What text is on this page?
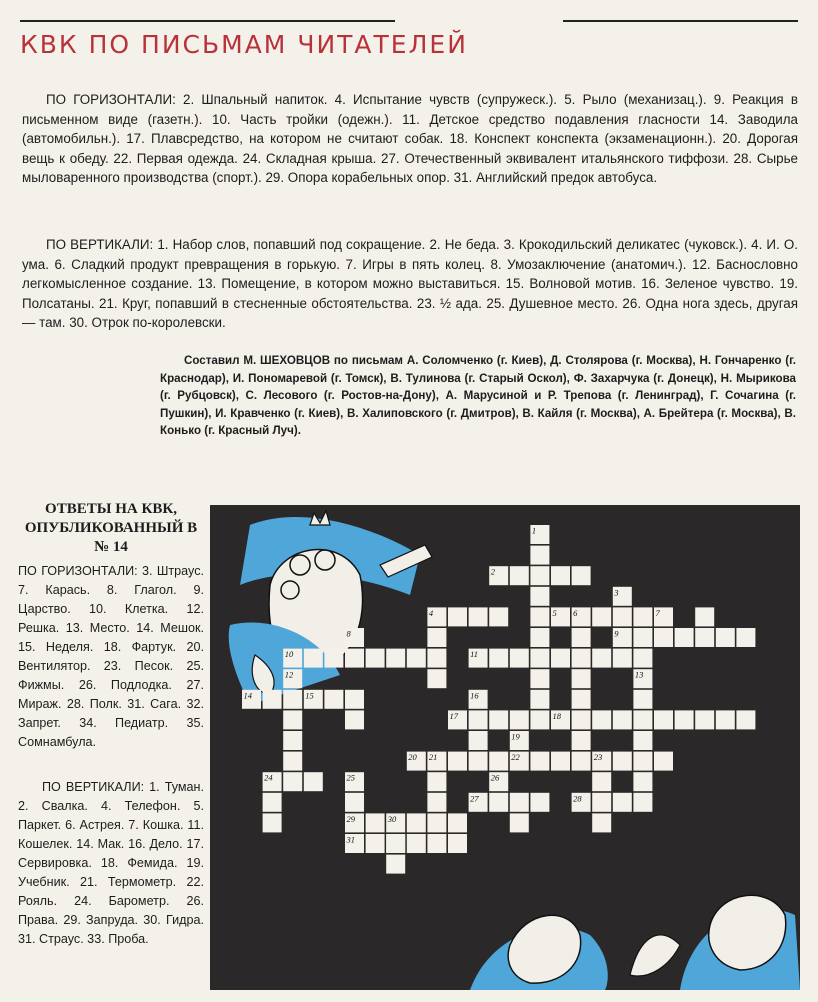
КВК ПО ПИСЬМАМ ЧИТАТЕЛЕЙ

ПО ГОРИЗОНТАЛИ: 2. Шпальный напиток. 4. Испытание чувств (супружеск.). 5. Рыло (механизац.). 9. Реакция в письменном виде (газетн.). 10. Часть тройки (одежн.). 11. Детское средство подавления гласности 14. Заводила (автомобильн.). 17. Плавсредство, на котором не считают собак. 18. Конспект конспекта (экзаменационн.). 20. Дорогая вещь к обеду. 22. Первая одежда. 24. Складная крыша. 27. Отечественный эквивалент итальянского тиффози. 28. Сырье мыловаренного производства (спорт.). 29. Опора корабельных опор. 31. Английский предок автобуса.

ПО ВЕРТИКАЛИ: 1. Набор слов, попавший под сокращение. 2. Не беда. 3. Крокодильский деликатес (чуковск.). 4. И. О. ума. 6. Сладкий продукт превращения в горькую. 7. Игры в пять колец. 8. Умозаключение (анатомич.). 12. Баснословно легкомысленное создание. 13. Помещение, в котором можно выставиться. 15. Волновой мотив. 16. Зеленое чувство. 19. Полсатаны. 21. Круг, попавший в стесненные обстоятельства. 23. ½ ада. 25. Душевное место. 26. Одна нога здесь, другая — там. 30. Отрок по-королевски.

Составил М. ШЕХОВЦОВ по письмам А. Соломченко (г. Киев), Д. Столярова (г. Москва), Н. Гончаренко (г. Краснодар), И. Пономаревой (г. Томск), В. Тулинова (г. Старый Оскол), Ф. Захарчука (г. Донецк), Н. Мырикова (г. Рубцовск), С. Лесового (г. Ростов-на-Дону), А. Марусиной и Р. Трепова (г. Ленинград), Г. Сочагина (г. Пушкин), И. Кравченко (г. Киев), В. Халиповского (г. Дмитров), В. Кайля (г. Москва), А. Брейтера (г. Москва), В. Конько (г. Красный Луч).

ОТВЕТЫ НА КВК, ОПУБЛИКОВАННЫЙ В № 14

ПО ГОРИЗОНТАЛИ: 3. Штраус. 7. Карась. 8. Глагол. 9. Царство. 10. Клетка. 12. Решка. 13. Место. 14. Мешок. 15. Неделя. 18. Фартук. 20. Вентилятор. 23. Песок. 25. Фижмы. 26. Подлодка. 27. Мираж. 28. Полк. 31. Сага. 32. Запрет. 34. Педиатр. 35. Сомнамбула.

ПО ВЕРТИКАЛИ: 1. Туман. 2. Свалка. 4. Телефон. 5. Паркет. 6. Астрея. 7. Кошка. 11. Кошелек. 14. Мак. 16. Дело. 17. Сервировка. 18. Фемида. 19. Учебник. 21. Термометр. 22. Рояль. 24. Барометр. 26. Права. 29. Запруда. 30. Гидра. 31. Страус. 33. Проба.

1
2
3
4	5 6	7
8	9
10	11
12	13
14	15	16
17	18
19
20 21	22	23
24	25	26
27	28
29	30
31
